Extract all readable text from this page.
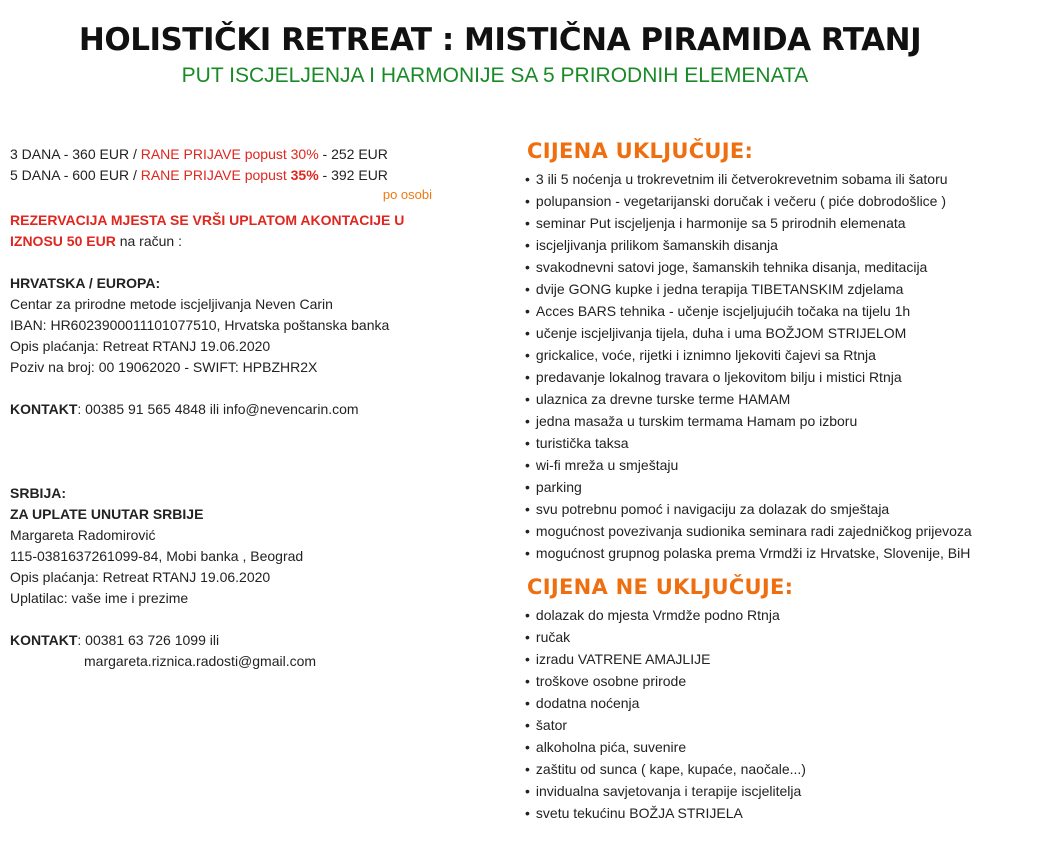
HOLISTIČKI RETREAT : MISTIČNA PIRAMIDA RTANJ
PUT ISCJELJENJA I HARMONIJE SA 5 PRIRODNIH ELEMENATA

3 DANA - 360 EUR / RANE PRIJAVE popust 30% - 252 EUR

5 DANA - 600 EUR / RANE PRIJAVE popust 35% - 392 EUR

po osobi

REZERVACIJA MJESTA SE VRŠI UPLATOM AKONTACIJE U

IZNOSU 50 EUR na račun :

HRVATSKA / EUROPA:

Centar za prirodne metode iscjeljivanja Neven Carin

IBAN: HR6023900011101077510, Hrvatska poštanska banka

Opis plaćanja: Retreat RTANJ 19.06.2020

Poziv na broj: 00 19062020 - SWIFT: HPBZHR2X

KONTAKT: 00385 91 565 4848 ili info@nevencarin.com

SRBIJA:

ZA UPLATE UNUTAR SRBIJE

Margareta Radomirović

115-0381637261099-84, Mobi banka , Beograd

Opis plaćanja: Retreat RTANJ 19.06.2020

Uplatilac: vaše ime i prezime

KONTAKT: 00381 63 726 1099 ili

margareta.riznica.radosti@gmail.com

CIJENA UKLJUČUJE:
• 3 ili 5 noćenja u trokrevetnim ili četverokrevetnim sobama ili šatoru
• polupansion - vegetarijanski doručak i večeru ( piće dobrodošlice )
• seminar Put iscjeljenja i harmonije sa 5 prirodnih elemenata
• iscjeljivanja prilikom šamanskih disanja
• svakodnevni satovi joge, šamanskih tehnika disanja, meditacija
• dvije GONG kupke i jedna terapija TIBETANSKIM zdjelama
• Acces BARS tehnika - učenje iscjeljujućih točaka na tijelu 1h
• učenje iscjeljivanja tijela, duha i uma BOŽJOM STRIJELOM
• grickalice, voće, rijetki i iznimno ljekoviti čajevi sa Rtnja
• predavanje lokalnog travara o ljekovitom bilju i mistici Rtnja
• ulaznica za drevne turske terme HAMAM
• jedna masaža u turskim termama Hamam po izboru
• turistička taksa
• wi-fi mreža u smještaju
• parking
• svu potrebnu pomoć i navigaciju za dolazak do smještaja
• mogućnost povezivanja sudionika seminara radi zajedničkog prijevoza
• mogućnost grupnog polaska prema Vrmdži iz Hrvatske, Slovenije, BiH
CIJENA NE UKLJUČUJE:
• dolazak do mjesta Vrmdže podno Rtnja
• ručak
• izradu VATRENE AMAJLIJE
• troškove osobne prirode
• dodatna noćenja
• šator
• alkoholna pića, suvenire
• zaštitu od sunca ( kape, kupaće, naočale...)
• invidualna savjetovanja i terapije iscjelitelja
• svetu tekućinu BOŽJA STRIJELA
